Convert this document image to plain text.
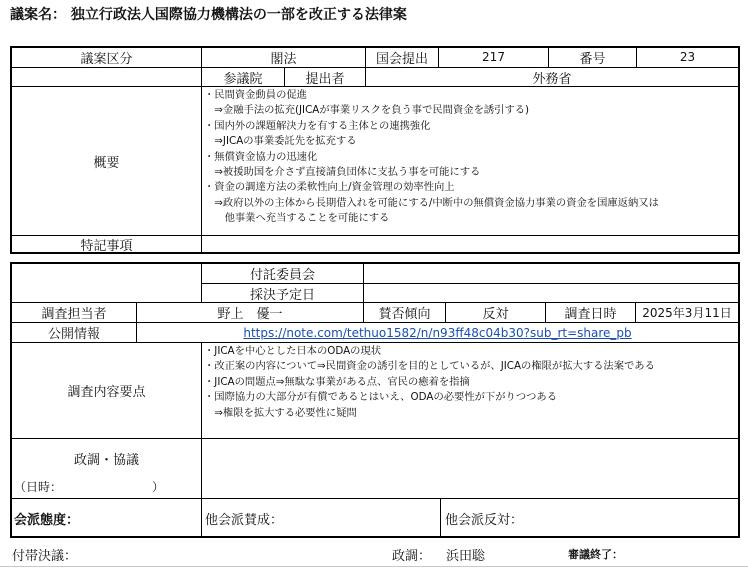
議案名： 独立行政法人国際協力機構法の一部を改正する法律案
議案区分	閣法	国会提出	217	番号	23
参議院	提出者	外務省
概要
・民間資金動員の促進
　⇒金融手法の拡充(JICAが事業リスクを負う事で民間資金を誘引する)
・国内外の課題解決力を有する主体との連携強化
　⇒JICAの事業委託先を拡充する
・無償資金協力の迅速化
　⇒被援助国を介さず直接請負団体に支払う事を可能にする
・資金の調達方法の柔軟性向上/資金管理の効率性向上
　⇒政府以外の主体から長期借入れを可能にする/中断中の無償資金協力事業の資金を国庫返納又は
　　他事業へ充当することを可能にする
特記事項
付託委員会
採決予定日
調査担当者	野上　優一	賛否傾向	反対	調査日時	2025年3月11日
公開情報	https://note.com/tethuo1582/n/n93ff48c04b30?sub_rt=share_pb
調査内容要点
・JICAを中心とした日本のODAの現状
・改正案の内容について⇒民間資金の誘引を目的としているが、JICAの権限が拡大する法案である
・JICAの問題点⇒無駄な事業がある点、官民の癒着を指摘
・国際協力の大部分が有償であるとはいえ、ODAの必要性が下がりつつある
　⇒権限を拡大する必要性に疑問
政調・協議
（日時：　　　　　　　　）
会派態度：	他会派賛成：	他会派反対：
付帯決議：	政調：	浜田聡	審議終了：
